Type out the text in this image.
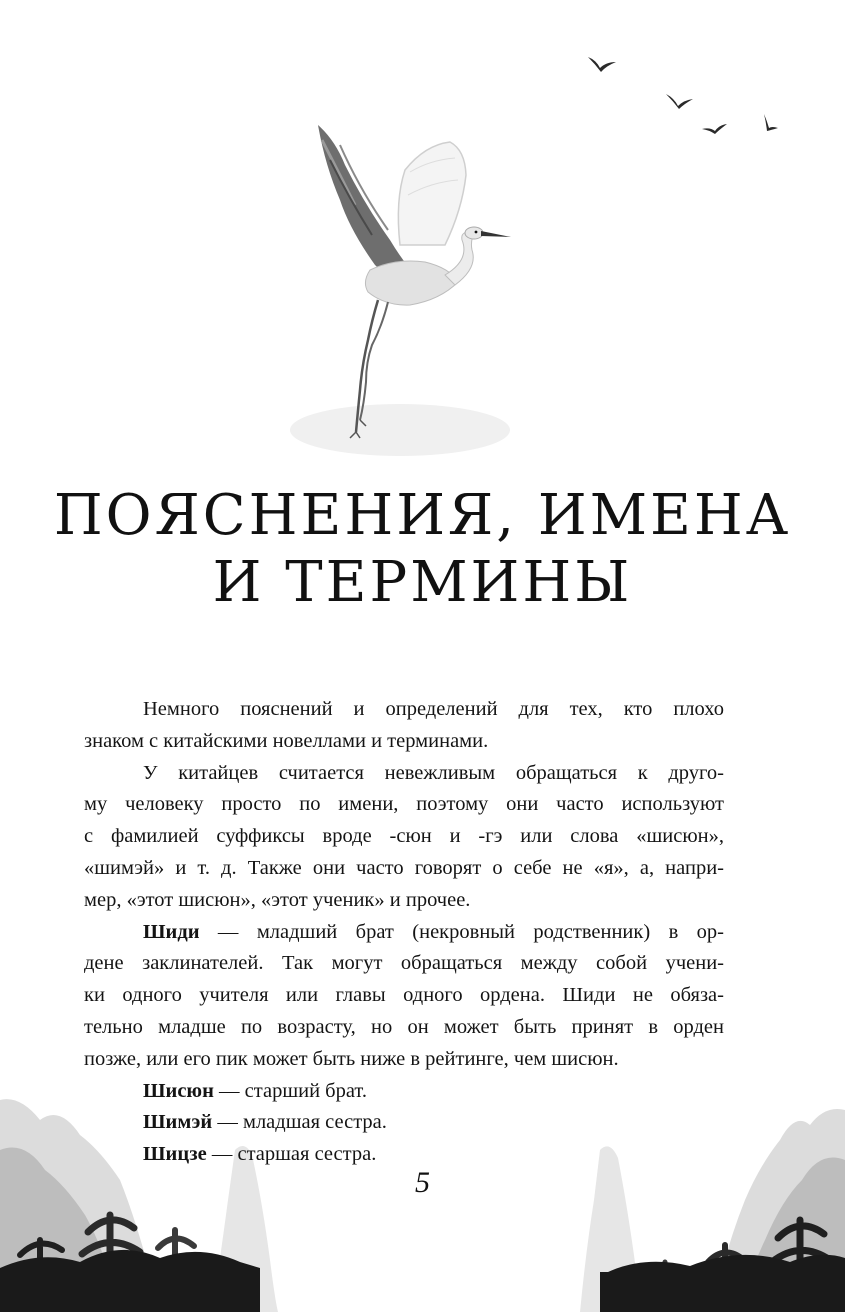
ПОЯСНЕНИЯ, ИМЕНА
И ТЕРМИНЫ

Немного пояснений и определений для тех, кто плохо

знаком с китайскими новеллами и терминами.

У китайцев считается невежливым обращаться к друго-

му человеку просто по имени, поэтому они часто используют

с фамилией суффиксы вроде -сюн и -гэ или слова «шисюн»,

«шимэй» и т. д. Также они часто говорят о себе не «я», а, напри-

мер, «этот шисюн», «этот ученик» и прочее.

Шиди — младший брат (некровный родственник) в ор-

дене заклинателей. Так могут обращаться между собой учени-

ки одного учителя или главы одного ордена. Шиди не обяза-

тельно младше по возрасту, но он может быть принят в орден

позже, или его пик может быть ниже в рейтинге, чем шисюн.

Шисюн — старший брат.

Шимэй — младшая сестра.

Шицзе — старшая сестра.

5
